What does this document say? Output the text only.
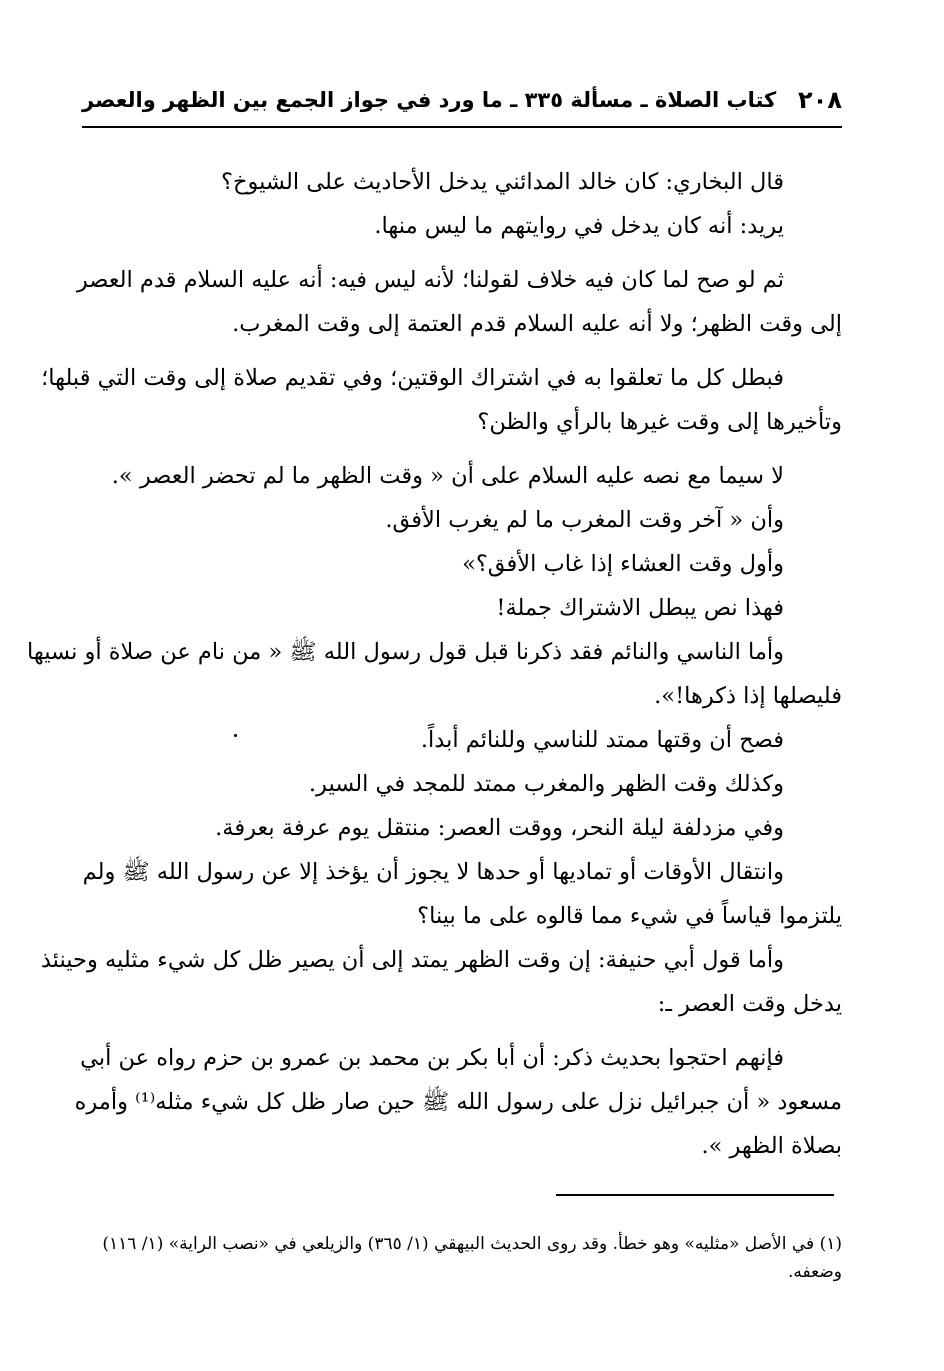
٢٠٨
كتاب الصلاة ـ مسألة ٣٣٥ ـ ما ورد في جواز الجمع بين الظهر والعصر
قال البخاري: كان خالد المدائني يدخل الأحاديث على الشيوخ؟
يريد: أنه كان يدخل في روايتهم ما ليس منها.
ثم لو صح لما كان فيه خلاف لقولنا؛ لأنه ليس فيه: أنه عليه السلام قدم العصر
إلى وقت الظهر؛ ولا أنه عليه السلام قدم العتمة إلى وقت المغرب.
فبطل كل ما تعلقوا به في اشتراك الوقتين؛ وفي تقديم صلاة إلى وقت التي قبلها؛
وتأخيرها إلى وقت غيرها بالرأي والظن؟
لا سيما مع نصه عليه السلام على أن « وقت الظهر ما لم تحضر العصر ».
وأن « آخر وقت المغرب ما لم يغرب الأفق.
وأول وقت العشاء إذا غاب الأفق؟»
فهذا نص يبطل الاشتراك جملة!
وأما الناسي والنائم فقد ذكرنا قبل قول رسول الله ﷺ « من نام عن صلاة أو نسيها
فليصلها إذا ذكرها!».
فصح أن وقتها ممتد للناسي وللنائم أبداً.
وكذلك وقت الظهر والمغرب ممتد للمجد في السير.
وفي مزدلفة ليلة النحر، ووقت العصر: منتقل يوم عرفة بعرفة.
وانتقال الأوقات أو تماديها أو حدها لا يجوز أن يؤخذ إلا عن رسول الله ﷺ ولم
يلتزموا قياساً في شيء مما قالوه على ما بينا؟
وأما قول أبي حنيفة: إن وقت الظهر يمتد إلى أن يصير ظل كل شيء مثليه وحينئذ
يدخل وقت العصر ـ:
فإنهم احتجوا بحديث ذكر: أن أبا بكر بن محمد بن عمرو بن حزم رواه عن أبي
مسعود « أن جبرائيل نزل على رسول الله ﷺ حين صار ظل كل شيء مثله⁽¹⁾ وأمره
بصلاة الظهر ».
(١) في الأصل «مثليه» وهو خطأ. وقد روى الحديث البيهقي (١/ ٣٦٥) والزيلعي في «نصب الراية» (١/ ١١٦)
وضعفه.
